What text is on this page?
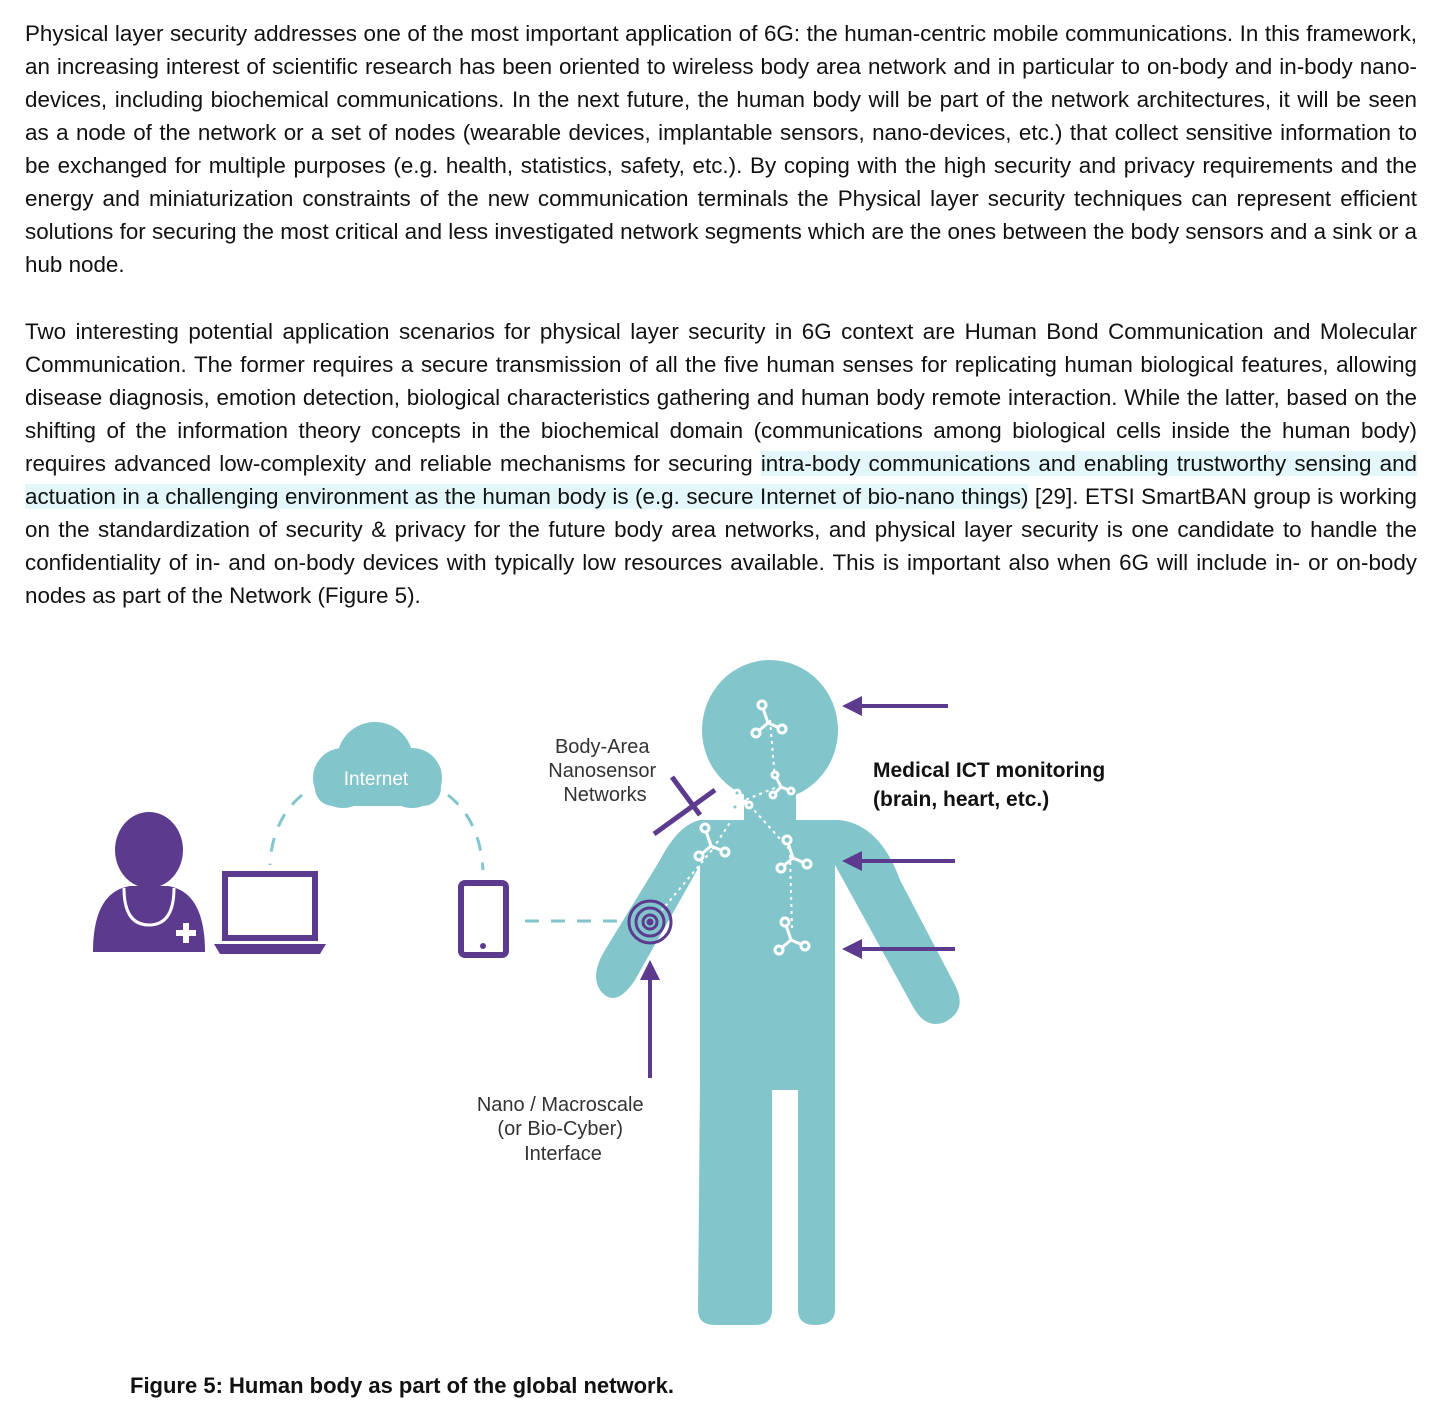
Physical layer security addresses one of the most important application of 6G: the human-centric mobile communications. In this framework, an increasing interest of scientific research has been oriented to wireless body area network and in particular to on-body and in-body nano-devices, including biochemical communications. In the next future, the human body will be part of the network architectures, it will be seen as a node of the network or a set of nodes (wearable devices, implantable sensors, nano-devices, etc.) that collect sensitive information to be exchanged for multiple purposes (e.g. health, statistics, safety, etc.). By coping with the high security and privacy requirements and the energy and miniaturization constraints of the new communication terminals the Physical layer security techniques can represent efficient solutions for securing the most critical and less investigated network segments which are the ones between the body sensors and a sink or a hub node.

Two interesting potential application scenarios for physical layer security in 6G context are Human Bond Communication and Molecular Communication. The former requires a secure transmission of all the five human senses for replicating human biological features, allowing disease diagnosis, emotion detection, biological characteristics gathering and human body remote interaction. While the latter, based on the shifting of the information theory concepts in the biochemical domain (communications among biological cells inside the human body) requires advanced low-complexity and reliable mechanisms for securing intra-body communications and enabling trustworthy sensing and actuation in a challenging environment as the human body is (e.g. secure Internet of bio-nano things) [29]. ETSI SmartBAN group is working on the standardization of security & privacy for the future body area networks, and physical layer security is one candidate to handle the confidentiality of in- and on-body devices with typically low resources available. This is important also when 6G will include in- or on-body nodes as part of the Network (Figure 5).

Internet
Body-Area Nanosensor Networks
Nano / Macroscale (or Bio-Cyber) Interface
Medical ICT monitoring (brain, heart, etc.)

Figure 5: Human body as part of the global network.
